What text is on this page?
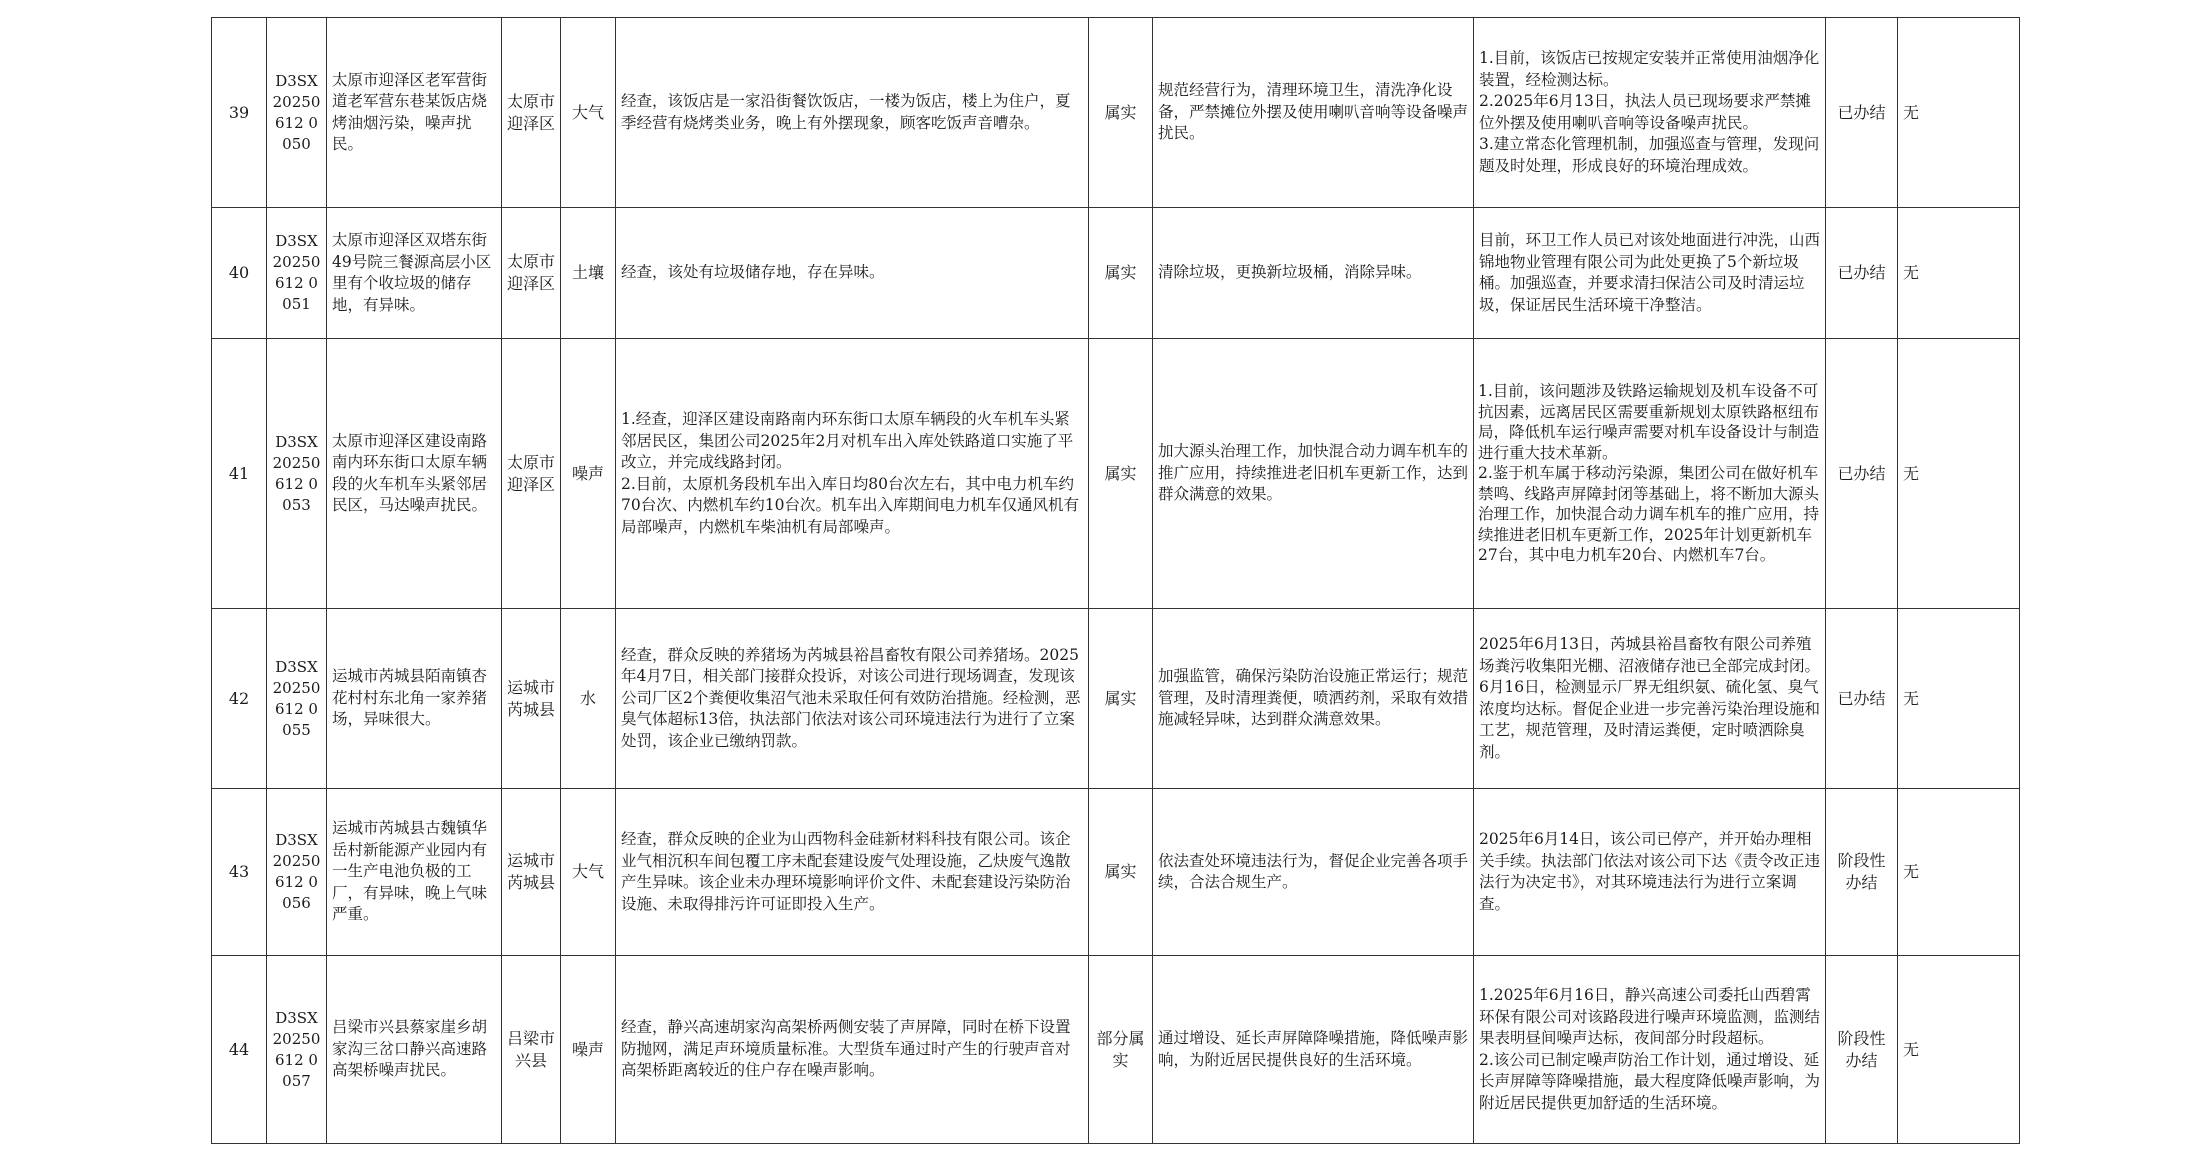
39	D3SX20250612 0050	太原市迎泽区老军营街道老军营东巷某饭店烧烤油烟污染，噪声扰民。	太原市迎泽区	大气	经查，该饭店是一家沿街餐饮饭店，一楼为饭店，楼上为住户，夏季经营有烧烤类业务，晚上有外摆现象，顾客吃饭声音嘈杂。	属实	规范经营行为，清理环境卫生，清洗净化设备，严禁摊位外摆及使用喇叭音响等设备噪声扰民。	1.目前，该饭店已按规定安装并正常使用油烟净化装置，经检测达标。
2.2025年6月13日，执法人员已现场要求严禁摊位外摆及使用喇叭音响等设备噪声扰民。
3.建立常态化管理机制，加强巡查与管理，发现问题及时处理，形成良好的环境治理成效。	已办结	无
40	D3SX20250612 0051	太原市迎泽区双塔东街49号院三餐源高层小区里有个收垃圾的储存地，有异味。	太原市迎泽区	土壤	经查，该处有垃圾储存地，存在异味。	属实	清除垃圾，更换新垃圾桶，消除异味。	目前，环卫工作人员已对该处地面进行冲洗，山西锦地物业管理有限公司为此处更换了5个新垃圾桶。加强巡查，并要求清扫保洁公司及时清运垃圾，保证居民生活环境干净整洁。	已办结	无
41	D3SX20250612 0053	太原市迎泽区建设南路南内环东街口太原车辆段的火车机车头紧邻居民区，马达噪声扰民。	太原市迎泽区	噪声	1.经查，迎泽区建设南路南内环东街口太原车辆段的火车机车头紧邻居民区，集团公司2025年2月对机车出入库处铁路道口实施了平改立，并完成线路封闭。
2.目前，太原机务段机车出入库日均80台次左右，其中电力机车约70台次、内燃机车约10台次。机车出入库期间电力机车仅通风机有局部噪声，内燃机车柴油机有局部噪声。	属实	加大源头治理工作，加快混合动力调车机车的推广应用，持续推进老旧机车更新工作，达到群众满意的效果。	1.目前，该问题涉及铁路运输规划及机车设备不可抗因素，远离居民区需要重新规划太原铁路枢纽布局，降低机车运行噪声需要对机车设备设计与制造进行重大技术革新。
2.鉴于机车属于移动污染源，集团公司在做好机车禁鸣、线路声屏障封闭等基础上，将不断加大源头治理工作，加快混合动力调车机车的推广应用，持续推进老旧机车更新工作，2025年计划更新机车27台，其中电力机车20台、内燃机车7台。	已办结	无
42	D3SX20250612 0055	运城市芮城县陌南镇杏花村村东北角一家养猪场，异味很大。	运城市芮城县	水	经查，群众反映的养猪场为芮城县裕昌畜牧有限公司养猪场。2025年4月7日，相关部门接群众投诉，对该公司进行现场调查，发现该公司厂区2个粪便收集沼气池未采取任何有效防治措施。经检测，恶臭气体超标13倍，执法部门依法对该公司环境违法行为进行了立案处罚，该企业已缴纳罚款。	属实	加强监管，确保污染防治设施正常运行；规范管理，及时清理粪便，喷洒药剂，采取有效措施减轻异味，达到群众满意效果。	2025年6月13日，芮城县裕昌畜牧有限公司养殖场粪污收集阳光棚、沼液储存池已全部完成封闭。6月16日，检测显示厂界无组织氨、硫化氢、臭气浓度均达标。督促企业进一步完善污染治理设施和工艺，规范管理，及时清运粪便，定时喷洒除臭剂。	已办结	无
43	D3SX20250612 0056	运城市芮城县古魏镇华岳村新能源产业园内有一生产电池负极的工厂，有异味，晚上气味严重。	运城市芮城县	大气	经查，群众反映的企业为山西物科金硅新材料科技有限公司。该企业气相沉积车间包覆工序未配套建设废气处理设施，乙炔废气逸散产生异味。该企业未办理环境影响评价文件、未配套建设污染防治设施、未取得排污许可证即投入生产。	属实	依法查处环境违法行为，督促企业完善各项手续，合法合规生产。	2025年6月14日，该公司已停产，并开始办理相关手续。执法部门依法对该公司下达《责令改正违法行为决定书》，对其环境违法行为进行立案调查。	阶段性办结	无
44	D3SX20250612 0057	吕梁市兴县蔡家崖乡胡家沟三岔口静兴高速路高架桥噪声扰民。	吕梁市兴县	噪声	经查，静兴高速胡家沟高架桥两侧安装了声屏障，同时在桥下设置防抛网，满足声环境质量标准。大型货车通过时产生的行驶声音对高架桥距离较近的住户存在噪声影响。	部分属实	通过增设、延长声屏障降噪措施，降低噪声影响，为附近居民提供良好的生活环境。	1.2025年6月16日，静兴高速公司委托山西碧霄环保有限公司对该路段进行噪声环境监测，监测结果表明昼间噪声达标，夜间部分时段超标。
2.该公司已制定噪声防治工作计划，通过增设、延长声屏障等降噪措施，最大程度降低噪声影响，为附近居民提供更加舒适的生活环境。	阶段性办结	无
